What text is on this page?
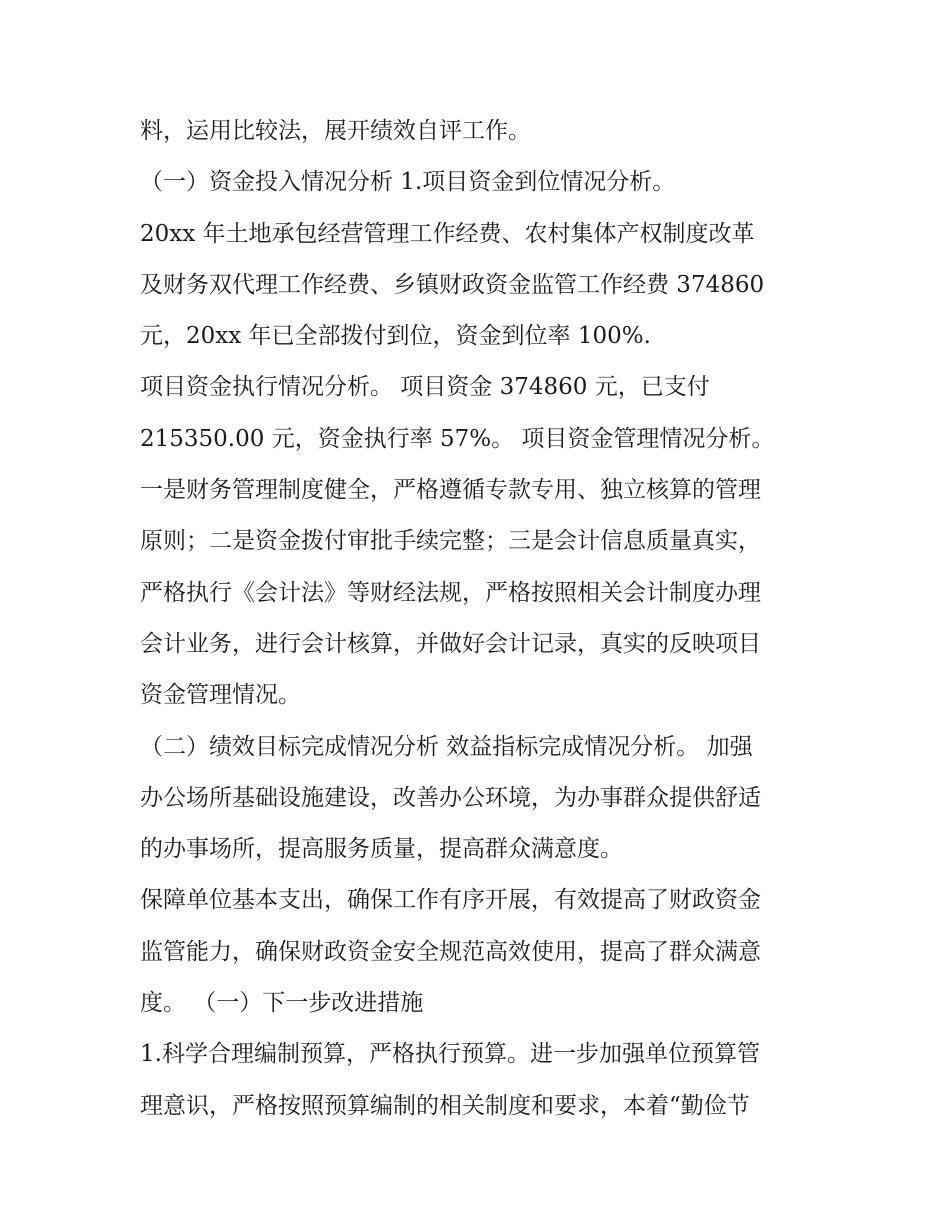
料，运用比较法，展开绩效自评工作。
（一）资金投入情况分析 1.项目资金到位情况分析。
20xx 年土地承包经营管理工作经费、农村集体产权制度改革
及财务双代理工作经费、乡镇财政资金监管工作经费 374860
元，20xx 年已全部拨付到位，资金到位率 100%.
项目资金执行情况分析。 项目资金 374860 元，已支付
215350.00 元，资金执行率 57%。 项目资金管理情况分析。
一是财务管理制度健全，严格遵循专款专用、独立核算的管理
原则；二是资金拨付审批手续完整；三是会计信息质量真实，
严格执行《会计法》等财经法规，严格按照相关会计制度办理
会计业务，进行会计核算，并做好会计记录，真实的反映项目
资金管理情况。
（二）绩效目标完成情况分析 效益指标完成情况分析。 加强
办公场所基础设施建设，改善办公环境，为办事群众提供舒适
的办事场所，提高服务质量，提高群众满意度。
保障单位基本支出，确保工作有序开展，有效提高了财政资金
监管能力，确保财政资金安全规范高效使用，提高了群众满意
度。 （一）下一步改进措施
1.科学合理编制预算，严格执行预算。进一步加强单位预算管
理意识，严格按照预算编制的相关制度和要求，本着“勤俭节
